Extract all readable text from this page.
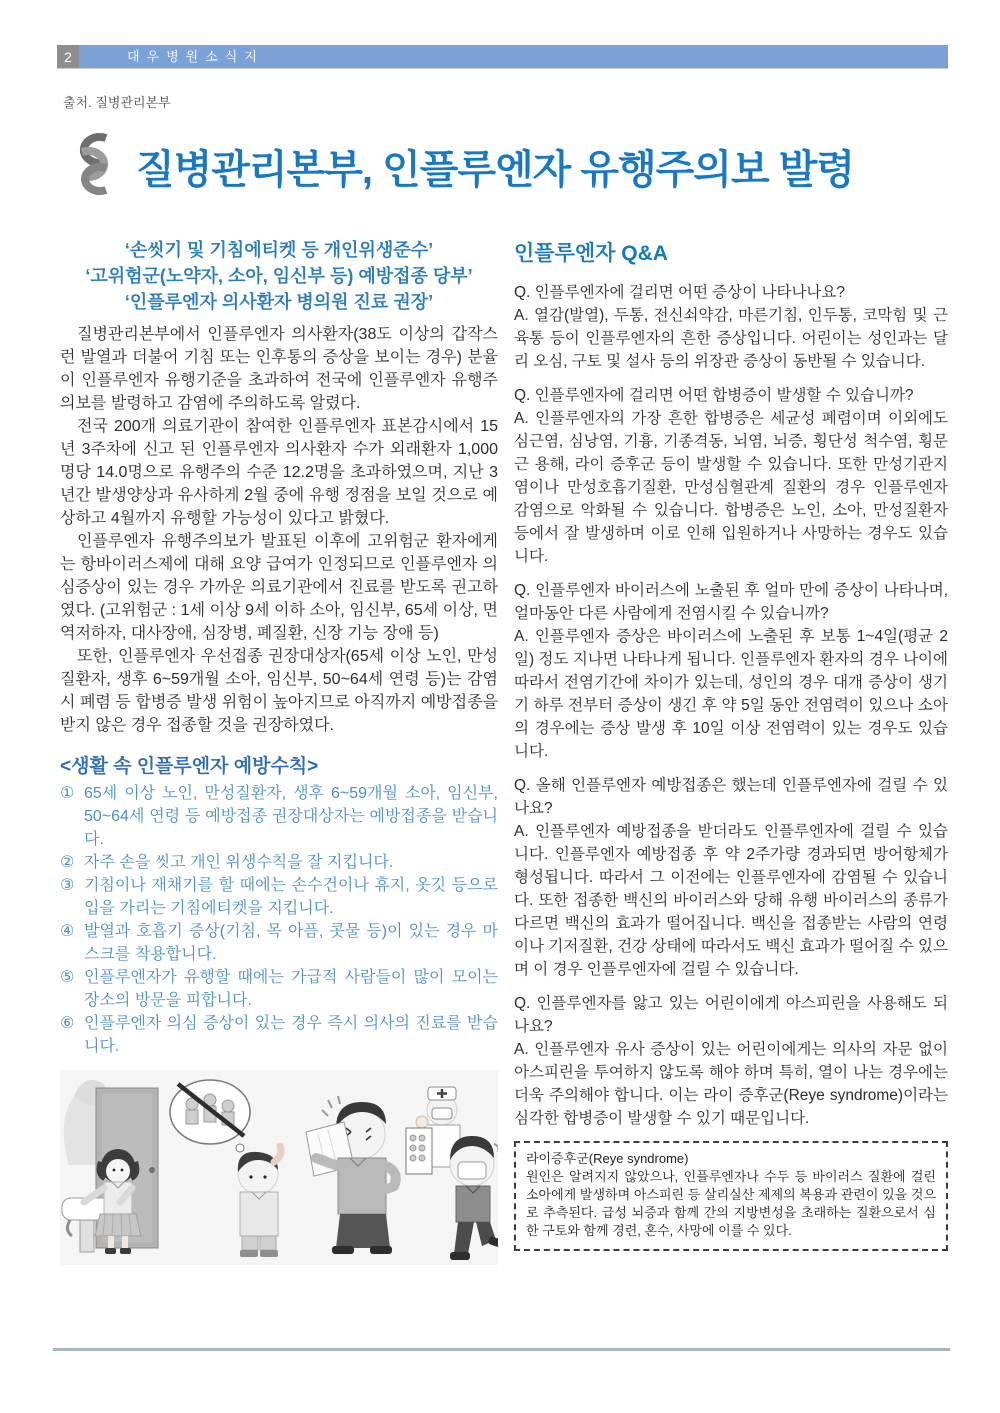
2	대우병원소식지
출처. 질병관리본부
질병관리본부, 인플루엔자 유행주의보 발령
‘손씻기 및 기침에티켓 등 개인위생준수’
‘고위험군(노약자, 소아, 임신부 등) 예방접종 당부’
‘인플루엔자 의사환자 병의원 진료 권장’

질병관리본부에서 인플루엔자 의사환자(38도 이상의 갑작스런 발열과 더불어 기침 또는 인후통의 증상을 보이는 경우) 분율이 인플루엔자 유행기준을 초과하여 전국에 인플루엔자 유행주의보를 발령하고 감염에 주의하도록 알렸다.

전국 200개 의료기관이 참여한 인플루엔자 표본감시에서 15년 3주차에 신고 된 인플루엔자 의사환자 수가 외래환자 1,000명당 14.0명으로 유행주의 수준 12.2명을 초과하였으며, 지난 3년간 발생양상과 유사하게 2월 중에 유행 정점을 보일 것으로 예상하고 4월까지 유행할 가능성이 있다고 밝혔다.

인플루엔자 유행주의보가 발표된 이후에 고위험군 환자에게는 항바이러스제에 대해 요양 급여가 인정되므로 인플루엔자 의심증상이 있는 경우 가까운 의료기관에서 진료를 받도록 권고하였다. (고위험군 : 1세 이상 9세 이하 소아, 임신부, 65세 이상, 면역저하자, 대사장애, 심장병, 폐질환, 신장 기능 장애 등)

또한, 인플루엔자 우선접종 권장대상자(65세 이상 노인, 만성질환자, 생후 6~59개월 소아, 임신부, 50~64세 연령 등)는 감염시 폐렴 등 합병증 발생 위험이 높아지므로 아직까지 예방접종을 받지 않은 경우 접종할 것을 권장하였다.

<생활 속 인플루엔자 예방수칙>
① 65세 이상 노인, 만성질환자, 생후 6~59개월 소아, 임신부, 50~64세 연령 등 예방접종 권장대상자는 예방접종을 받습니다.
② 자주 손을 씻고 개인 위생수칙을 잘 지킵니다.
③ 기침이나 재채기를 할 때에는 손수건이나 휴지, 옷깃 등으로 입을 가리는 기침에티켓을 지킵니다.
④ 발열과 호흡기 증상(기침, 목 아픔, 콧물 등)이 있는 경우 마스크를 착용합니다.
⑤ 인플루엔자가 유행할 때에는 가급적 사람들이 많이 모이는 장소의 방문을 피합니다.
⑥ 인플루엔자 의심 증상이 있는 경우 즉시 의사의 진료를 받습니다.
인플루엔자 Q&A
Q. 인플루엔자에 걸리면 어떤 증상이 나타나나요?
A. 열감(발열), 두통, 전신쇠약감, 마른기침, 인두통, 코막힘 및 근육통 등이 인플루엔자의 흔한 증상입니다. 어린이는 성인과는 달리 오심, 구토 및 설사 등의 위장관 증상이 동반될 수 있습니다.
Q. 인플루엔자에 걸리면 어떤 합병증이 발생할 수 있습니까?
A. 인플루엔자의 가장 흔한 합병증은 세균성 폐렴이며 이외에도 심근염, 심낭염, 기흉, 기종격동, 뇌염, 뇌증, 횡단성 척수염, 횡문근 용해, 라이 증후군 등이 발생할 수 있습니다. 또한 만성기관지염이나 만성호흡기질환, 만성심혈관계 질환의 경우 인플루엔자 감염으로 악화될 수 있습니다. 합병증은 노인, 소아, 만성질환자 등에서 잘 발생하며 이로 인해 입원하거나 사망하는 경우도 있습니다.
Q. 인플루엔자 바이러스에 노출된 후 얼마 만에 증상이 나타나며, 얼마동안 다른 사람에게 전염시킬 수 있습니까?
A. 인플루엔자 증상은 바이러스에 노출된 후 보통 1~4일(평균 2일) 정도 지나면 나타나게 됩니다. 인플루엔자 환자의 경우 나이에 따라서 전염기간에 차이가 있는데, 성인의 경우 대개 증상이 생기기 하루 전부터 증상이 생긴 후 약 5일 동안 전염력이 있으나 소아의 경우에는 증상 발생 후 10일 이상 전염력이 있는 경우도 있습니다.
Q. 올해 인플루엔자 예방접종은 했는데 인플루엔자에 걸릴 수 있나요?
A. 인플루엔자 예방접종을 받더라도 인플루엔자에 걸릴 수 있습니다. 인플루엔자 예방접종 후 약 2주가량 경과되면 방어항체가 형성됩니다. 따라서 그 이전에는 인플루엔자에 감염될 수 있습니다. 또한 접종한 백신의 바이러스와 당해 유행 바이러스의 종류가 다르면 백신의 효과가 떨어집니다. 백신을 접종받는 사람의 연령이나 기저질환, 건강 상태에 따라서도 백신 효과가 떨어질 수 있으며 이 경우 인플루엔자에 걸릴 수 있습니다.
Q. 인플루엔자를 앓고 있는 어린이에게 아스피린을 사용해도 되나요?
A. 인플루엔자 유사 증상이 있는 어린이에게는 의사의 자문 없이 아스피린을 투여하지 않도록 해야 하며 특히, 열이 나는 경우에는 더욱 주의해야 합니다. 이는 라이 증후군(Reye syndrome)이라는 심각한 합병증이 발생할 수 있기 때문입니다.
라이증후군(Reye syndrome)
원인은 알려지지 않았으나, 인플루엔자나 수두 등 바이러스 질환에 걸린 소아에게 발생하며 아스피린 등 살리실산 제제의 복용과 관련이 있을 것으로 추측된다. 급성 뇌증과 함께 간의 지방변성을 초래하는 질환으로서 심한 구토와 함께 경련, 혼수, 사망에 이를 수 있다.
